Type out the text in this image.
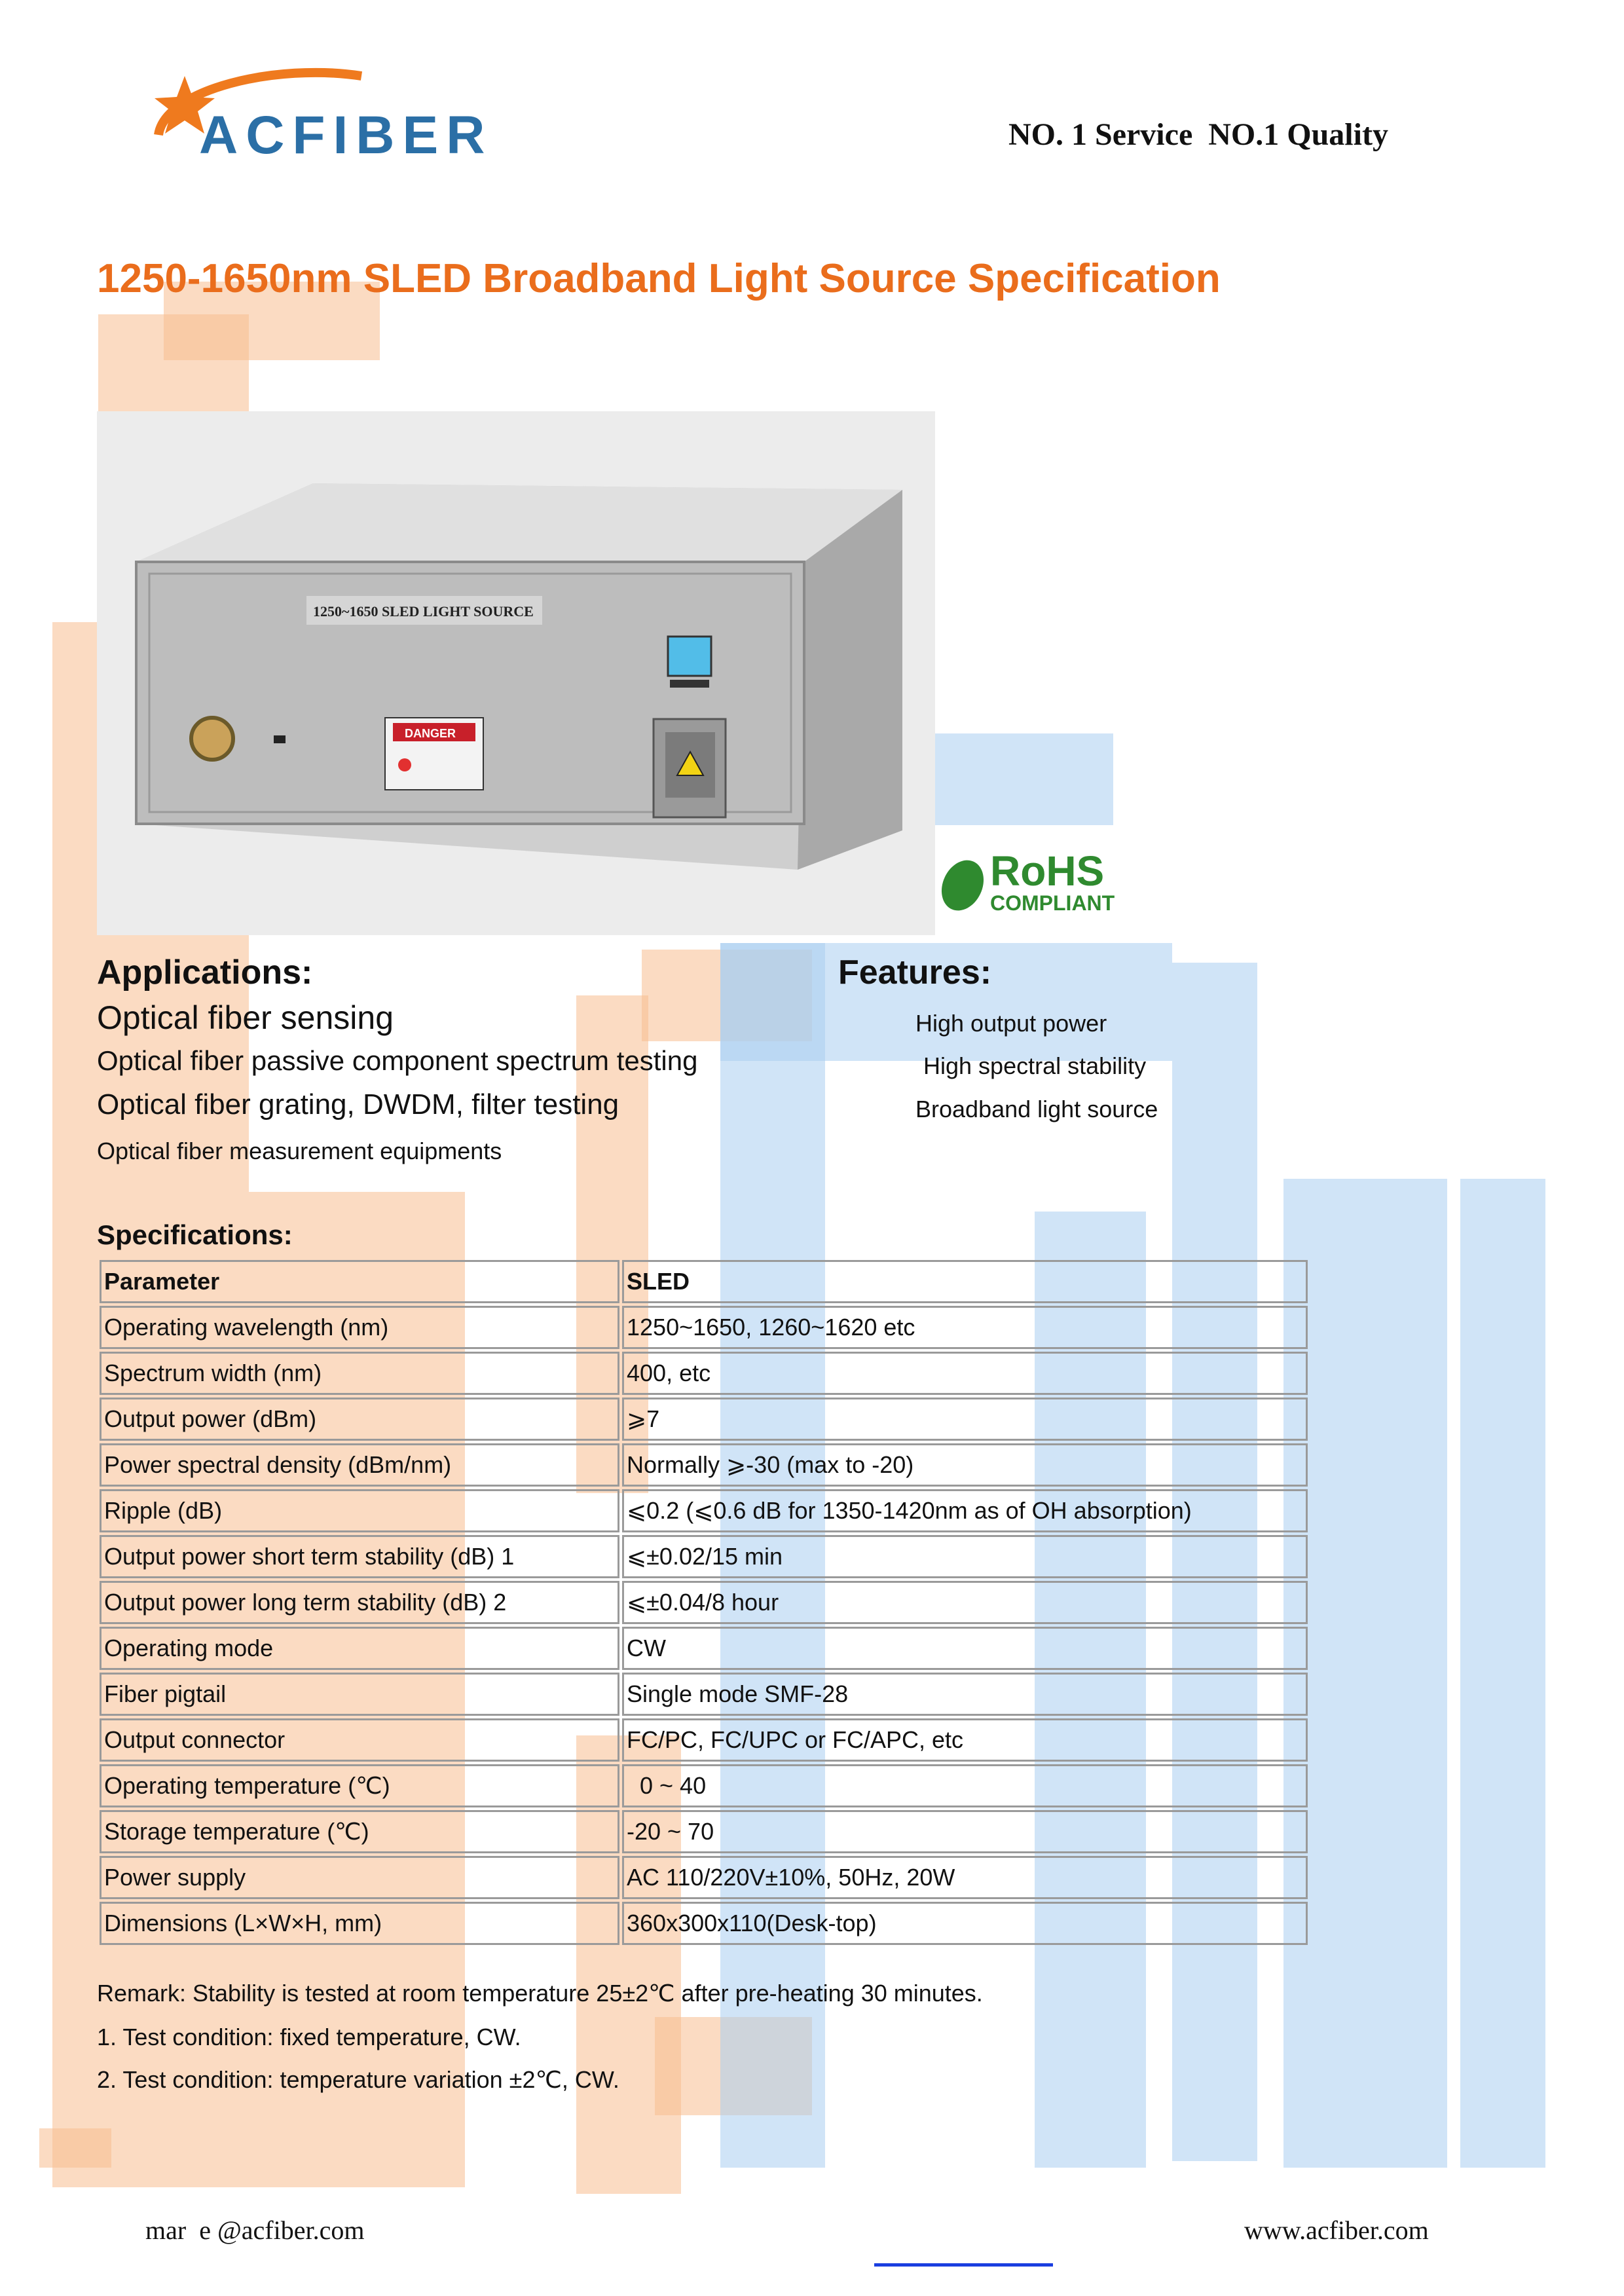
ACFIBER	NO. 1 Service  NO.1 Quality
1250-1650nm SLED Broadband Light Source Specification
1250~1650 SLED LIGHT SOURCE
DANGER
RoHS
COMPLIANT
Applications:
Optical fiber sensing
Optical fiber passive component spectrum testing
Optical fiber grating, DWDM, filter testing
Optical fiber measurement equipments
Features:
High output power
High spectral stability
Broadband light source
Specifications:
Parameter	SLED
Operating wavelength (nm)	1250~1650, 1260~1620 etc
Spectrum width (nm)	400, etc
Output power (dBm)	⩾7
Power spectral density (dBm/nm)	Normally ⩾-30 (max to -20)
Ripple (dB)	⩽0.2 (⩽0.6 dB for 1350-1420nm as of OH absorption)
Output power short term stability (dB) 1	⩽±0.02/15 min
Output power long term stability (dB) 2	⩽±0.04/8 hour
Operating mode	CW
Fiber pigtail	Single mode SMF-28
Output connector	FC/PC, FC/UPC or FC/APC, etc
Operating temperature (℃)	0 ~ 40
Storage temperature (℃)	-20 ~ 70
Power supply	AC 110/220V±10%, 50Hz, 20W
Dimensions (L×W×H, mm)	360x300x110(Desk-top)
Remark: Stability is tested at room temperature 25±2℃ after pre-heating 30 minutes.
1. Test condition: fixed temperature, CW.
2. Test condition: temperature variation ±2℃, CW.
mar  e @acfiber.com	www.acfiber.com
